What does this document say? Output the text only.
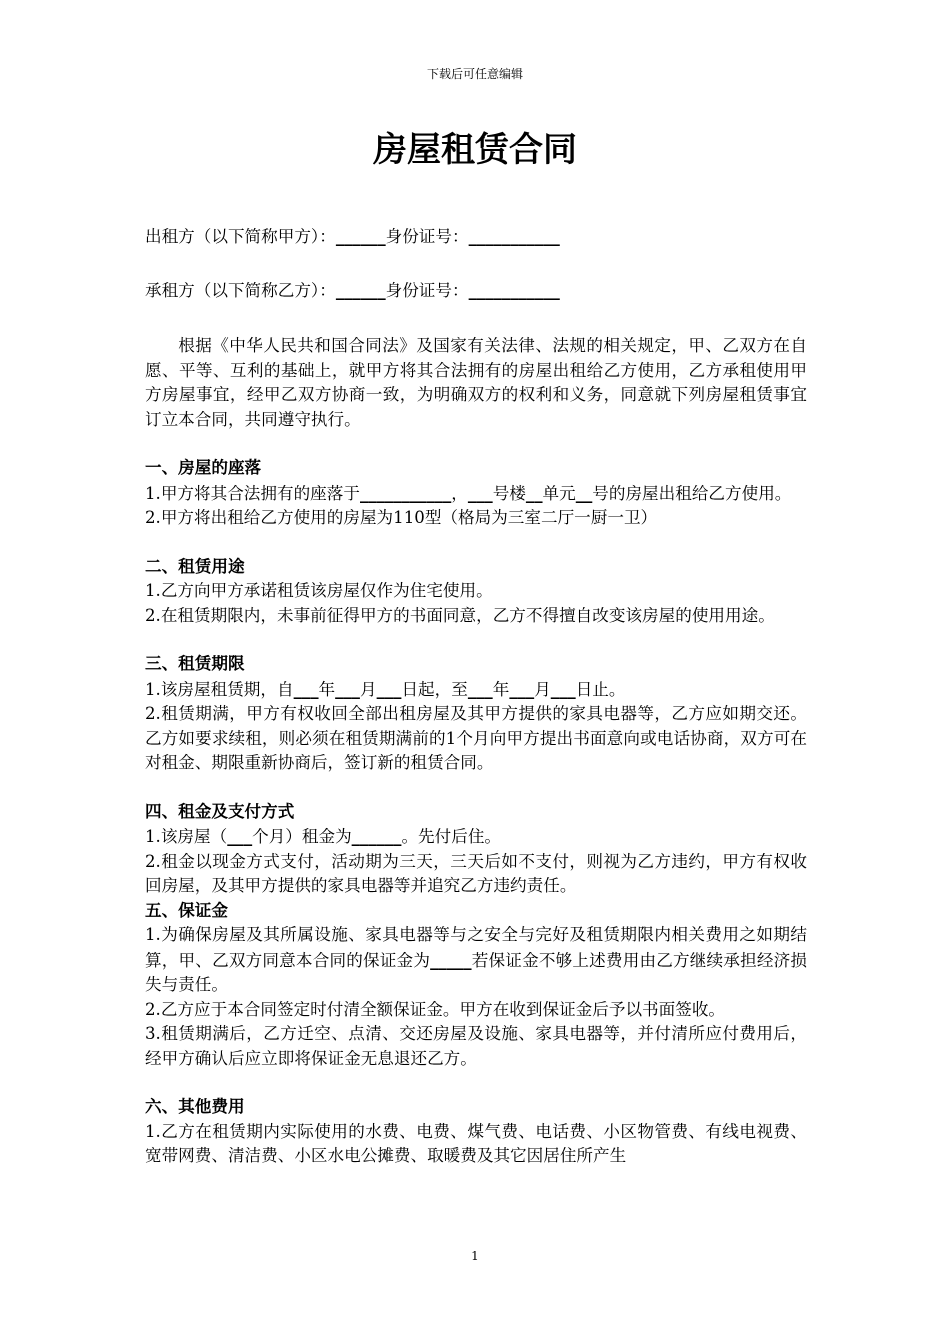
下载后可任意编辑
房屋租赁合同

出租方（以下简称甲方）：______身份证号：___________

承租方（以下简称乙方）：______身份证号：___________

根据《中华人民共和国合同法》及国家有关法律、法规的相关规定，甲、乙双方在自愿、平等、互利的基础上，就甲方将其合法拥有的房屋出租给乙方使用，乙方承租使用甲方房屋事宜，经甲乙双方协商一致，为明确双方的权利和义务，同意就下列房屋租赁事宜订立本合同，共同遵守执行。

一、房屋的座落

1.甲方将其合法拥有的座落于___________，___号楼__单元__号的房屋出租给乙方使用。

2.甲方将出租给乙方使用的房屋为110型（格局为三室二厅一厨一卫）

二、租赁用途

1.乙方向甲方承诺租赁该房屋仅作为住宅使用。

2.在租赁期限内，未事前征得甲方的书面同意，乙方不得擅自改变该房屋的使用用途。

三、租赁期限

1.该房屋租赁期，自___年___月___日起，至___年___月___日止。

2.租赁期满，甲方有权收回全部出租房屋及其甲方提供的家具电器等，乙方应如期交还。乙方如要求续租，则必须在租赁期满前的1个月向甲方提出书面意向或电话协商，双方可在对租金、期限重新协商后，签订新的租赁合同。

四、租金及支付方式

1.该房屋（___个月）租金为______。先付后住。

2.租金以现金方式支付，活动期为三天，三天后如不支付，则视为乙方违约，甲方有权收回房屋，及其甲方提供的家具电器等并追究乙方违约责任。

五、保证金

1.为确保房屋及其所属设施、家具电器等与之安全与完好及租赁期限内相关费用之如期结算，甲、乙双方同意本合同的保证金为_____若保证金不够上述费用由乙方继续承担经济损失与责任。

2.乙方应于本合同签定时付清全额保证金。甲方在收到保证金后予以书面签收。

3.租赁期满后，乙方迁空、点清、交还房屋及设施、家具电器等，并付清所应付费用后，经甲方确认后应立即将保证金无息退还乙方。

六、其他费用

1.乙方在租赁期内实际使用的水费、电费、煤气费、电话费、小区物管费、有线电视费、宽带网费、清洁费、小区水电公摊费、取暖费及其它因居住所产生

1
